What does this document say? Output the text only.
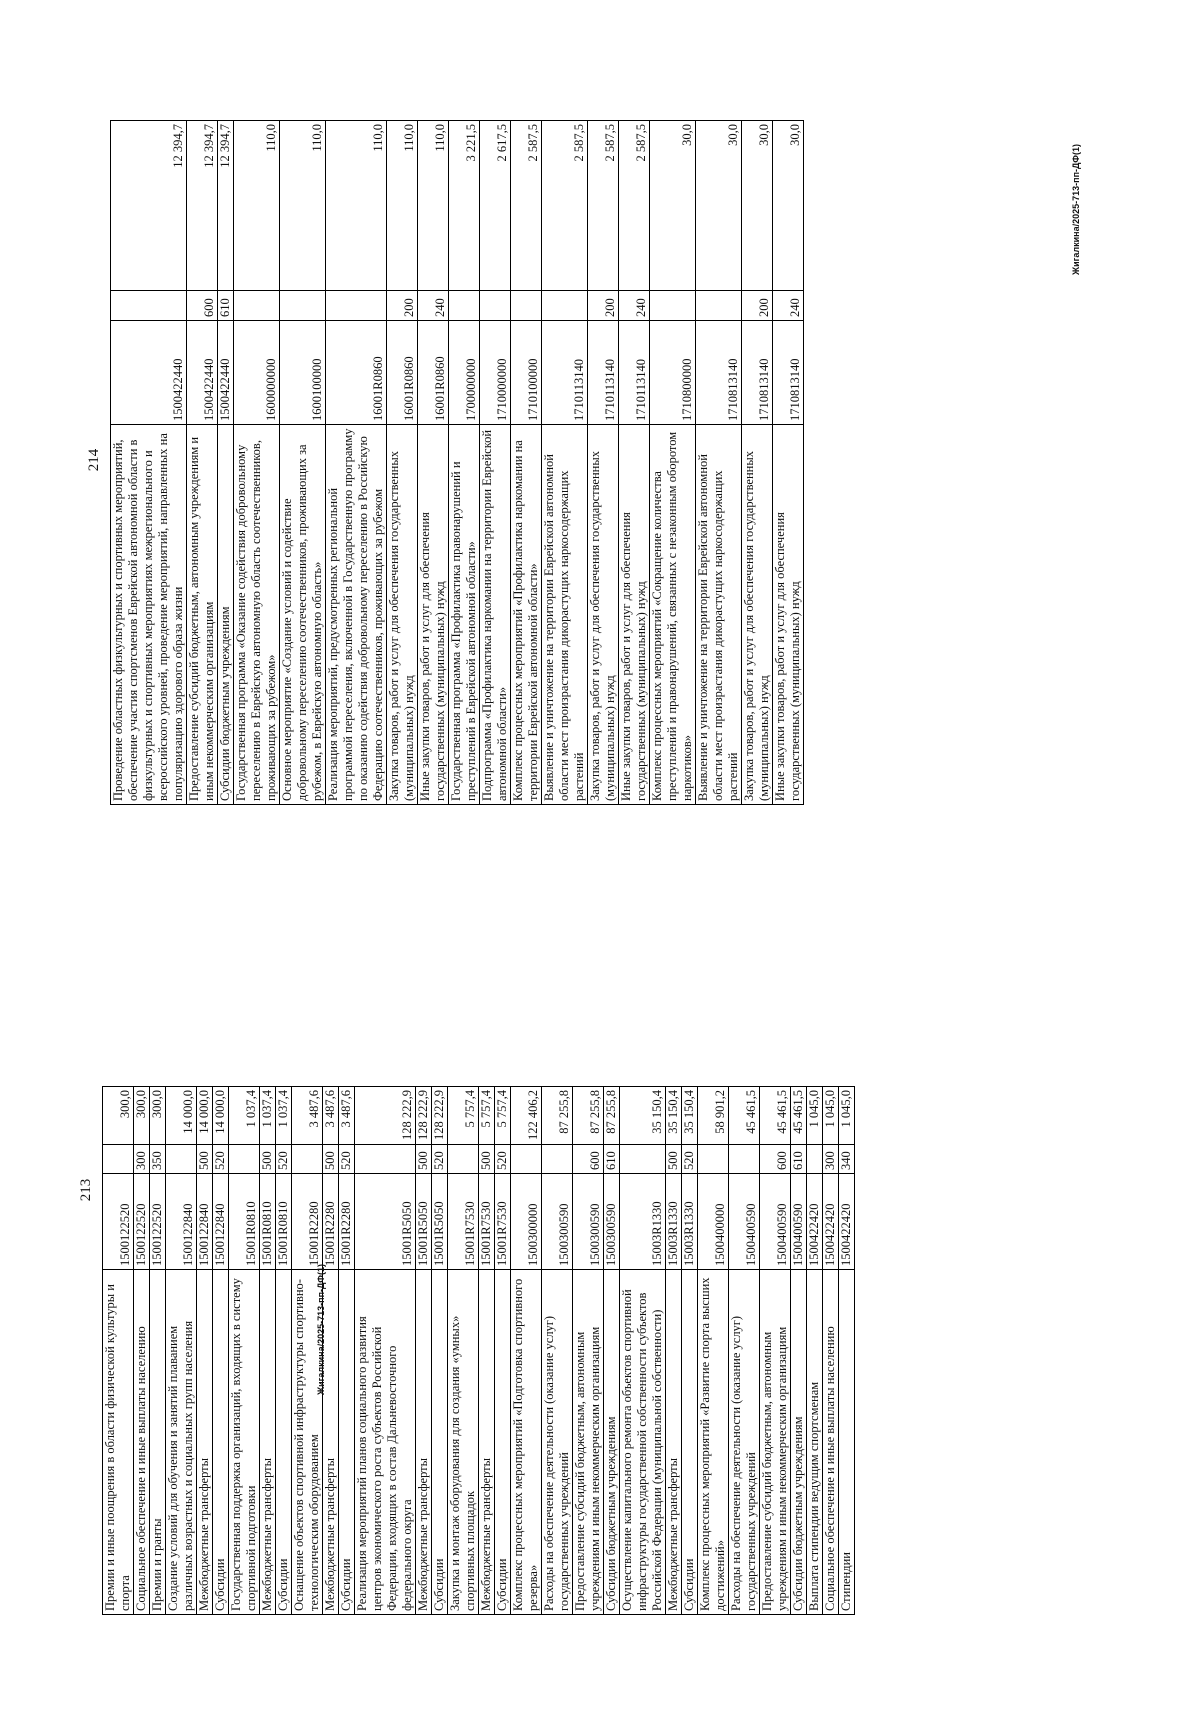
213
Премии и иные поощрения в области физической культуры и спорта	1500122520		300,0
Социальное обеспечение и иные выплаты населению	1500122520	300	300,0
Премии и гранты	1500122520	350	300,0
Создание условий для обучения и занятий плаванием различных возрастных и социальных групп населения	1500122840		14 000,0
Межбюджетные трансферты	1500122840	500	14 000,0
Субсидии	1500122840	520	14 000,0
Государственная поддержка организаций, входящих в систему спортивной подготовки	15001R0810		1 037,4
Межбюджетные трансферты	15001R0810	500	1 037,4
Субсидии	15001R0810	520	1 037,4
Оснащение объектов спортивной инфраструктуры спортивно-технологическим оборудованием	15001R2280		3 487,6
Межбюджетные трансферты	15001R2280	500	3 487,6
Субсидии	15001R2280	520	3 487,6
Реализация мероприятий планов социального развития центров экономического роста субъектов Российской Федерации, входящих в состав Дальневосточного федерального округа	15001R5050		128 222,9
Межбюджетные трансферты	15001R5050	500	128 222,9
Субсидии	15001R5050	520	128 222,9
Закупка и монтаж оборудования для создания «умных» спортивных площадок	15001R7530		5 757,4
Межбюджетные трансферты	15001R7530	500	5 757,4
Субсидии	15001R7530	520	5 757,4
Комплекс процессных мероприятий «Подготовка спортивного резерва»	1500300000		122 406,2
Расходы на обеспечение деятельности (оказание услуг) государственных учреждений	1500300590		87 255,8
Предоставление субсидий бюджетным, автономным учреждениям и иным некоммерческим организациям	1500300590	600	87 255,8
Субсидии бюджетным учреждениям	1500300590	610	87 255,8
Осуществление капитального ремонта объектов спортивной инфраструктуры государственной собственности субъектов Российской Федерации (муниципальной собственности)	15003R1330		35 150,4
Межбюджетные трансферты	15003R1330	500	35 150,4
Субсидии	15003R1330	520	35 150,4
Комплекс процессных мероприятий «Развитие спорта высших достижений»	1500400000		58 901,2
Расходы на обеспечение деятельности (оказание услуг) государственных учреждений	1500400590		45 461,5
Предоставление субсидий бюджетным, автономным учреждениям и иным некоммерческим организациям	1500400590	600	45 461,5
Субсидии бюджетным учреждениям	1500400590	610	45 461,5
Выплата стипендии ведущим спортсменам	1500422420		1 045,0
Социальное обеспечение и иные выплаты населению	1500422420	300	1 045,0
Стипендии	1500422420	340	1 045,0
Жигалкина/2025-713-пп-ДФ(1)
214 Проведение областных физкультурных и спортивных мероприятий, обеспечение участия спортсменов Еврейской автономной области в физкультурных и спортивных мероприятиях межрегионального и всероссийского уровней, проведение мероприятий, направленных на популяризацию здорового образа жизни	1500422440		12 394,7
Предоставление субсидий бюджетным, автономным учреждениям и иным некоммерческим организациям	1500422440	600	12 394,7
Субсидии бюджетным учреждениям	1500422440	610	12 394,7
Государственная программа «Оказание содействия добровольному переселению в Еврейскую автономную область соотечественников, проживающих за рубежом»	1600000000		110,0
Основное мероприятие «Создание условий и содействие добровольному переселению соотечественников, проживающих за рубежом, в Еврейскую автономную область»	1600100000		110,0
Реализация мероприятий, предусмотренных региональной программой переселения, включенной в Государственную программу по оказанию содействия добровольному переселению в Российскую Федерацию соотечественников, проживающих за рубежом	16001R0860		110,0
Закупка товаров, работ и услуг для обеспечения государственных (муниципальных) нужд	16001R0860	200	110,0
Иные закупки товаров, работ и услуг для обеспечения государственных (муниципальных) нужд	16001R0860	240	110,0
Государственная программа «Профилактика правонарушений и преступлений в Еврейской автономной области»	1700000000		3 221,5
Подпрограмма «Профилактика наркомании на территории Еврейской автономной области»	1710000000		2 617,5
Комплекс процессных мероприятий «Профилактика наркомании на территории Еврейской автономной области»	1710100000		2 587,5
Выявление и уничтожение на территории Еврейской автономной области мест произрастания дикорастущих наркосодержащих растений	1710113140		2 587,5
Закупка товаров, работ и услуг для обеспечения государственных (муниципальных) нужд	1710113140	200	2 587,5
Иные закупки товаров, работ и услуг для обеспечения государственных (муниципальных) нужд	1710113140	240	2 587,5
Комплекс процессных мероприятий «Сокращение количества преступлений и правонарушений, связанных с незаконным оборотом наркотиков»	1710800000		30,0
Выявление и уничтожение на территории Еврейской автономной области мест произрастания дикорастущих наркосодержащих растений	1710813140		30,0
Закупка товаров, работ и услуг для обеспечения государственных (муниципальных) нужд	1710813140	200	30,0
Иные закупки товаров, работ и услуг для обеспечения государственных (муниципальных) нужд	1710813140	240	30,0
Жигалкина/2025-713-пп-ДФ(1)
